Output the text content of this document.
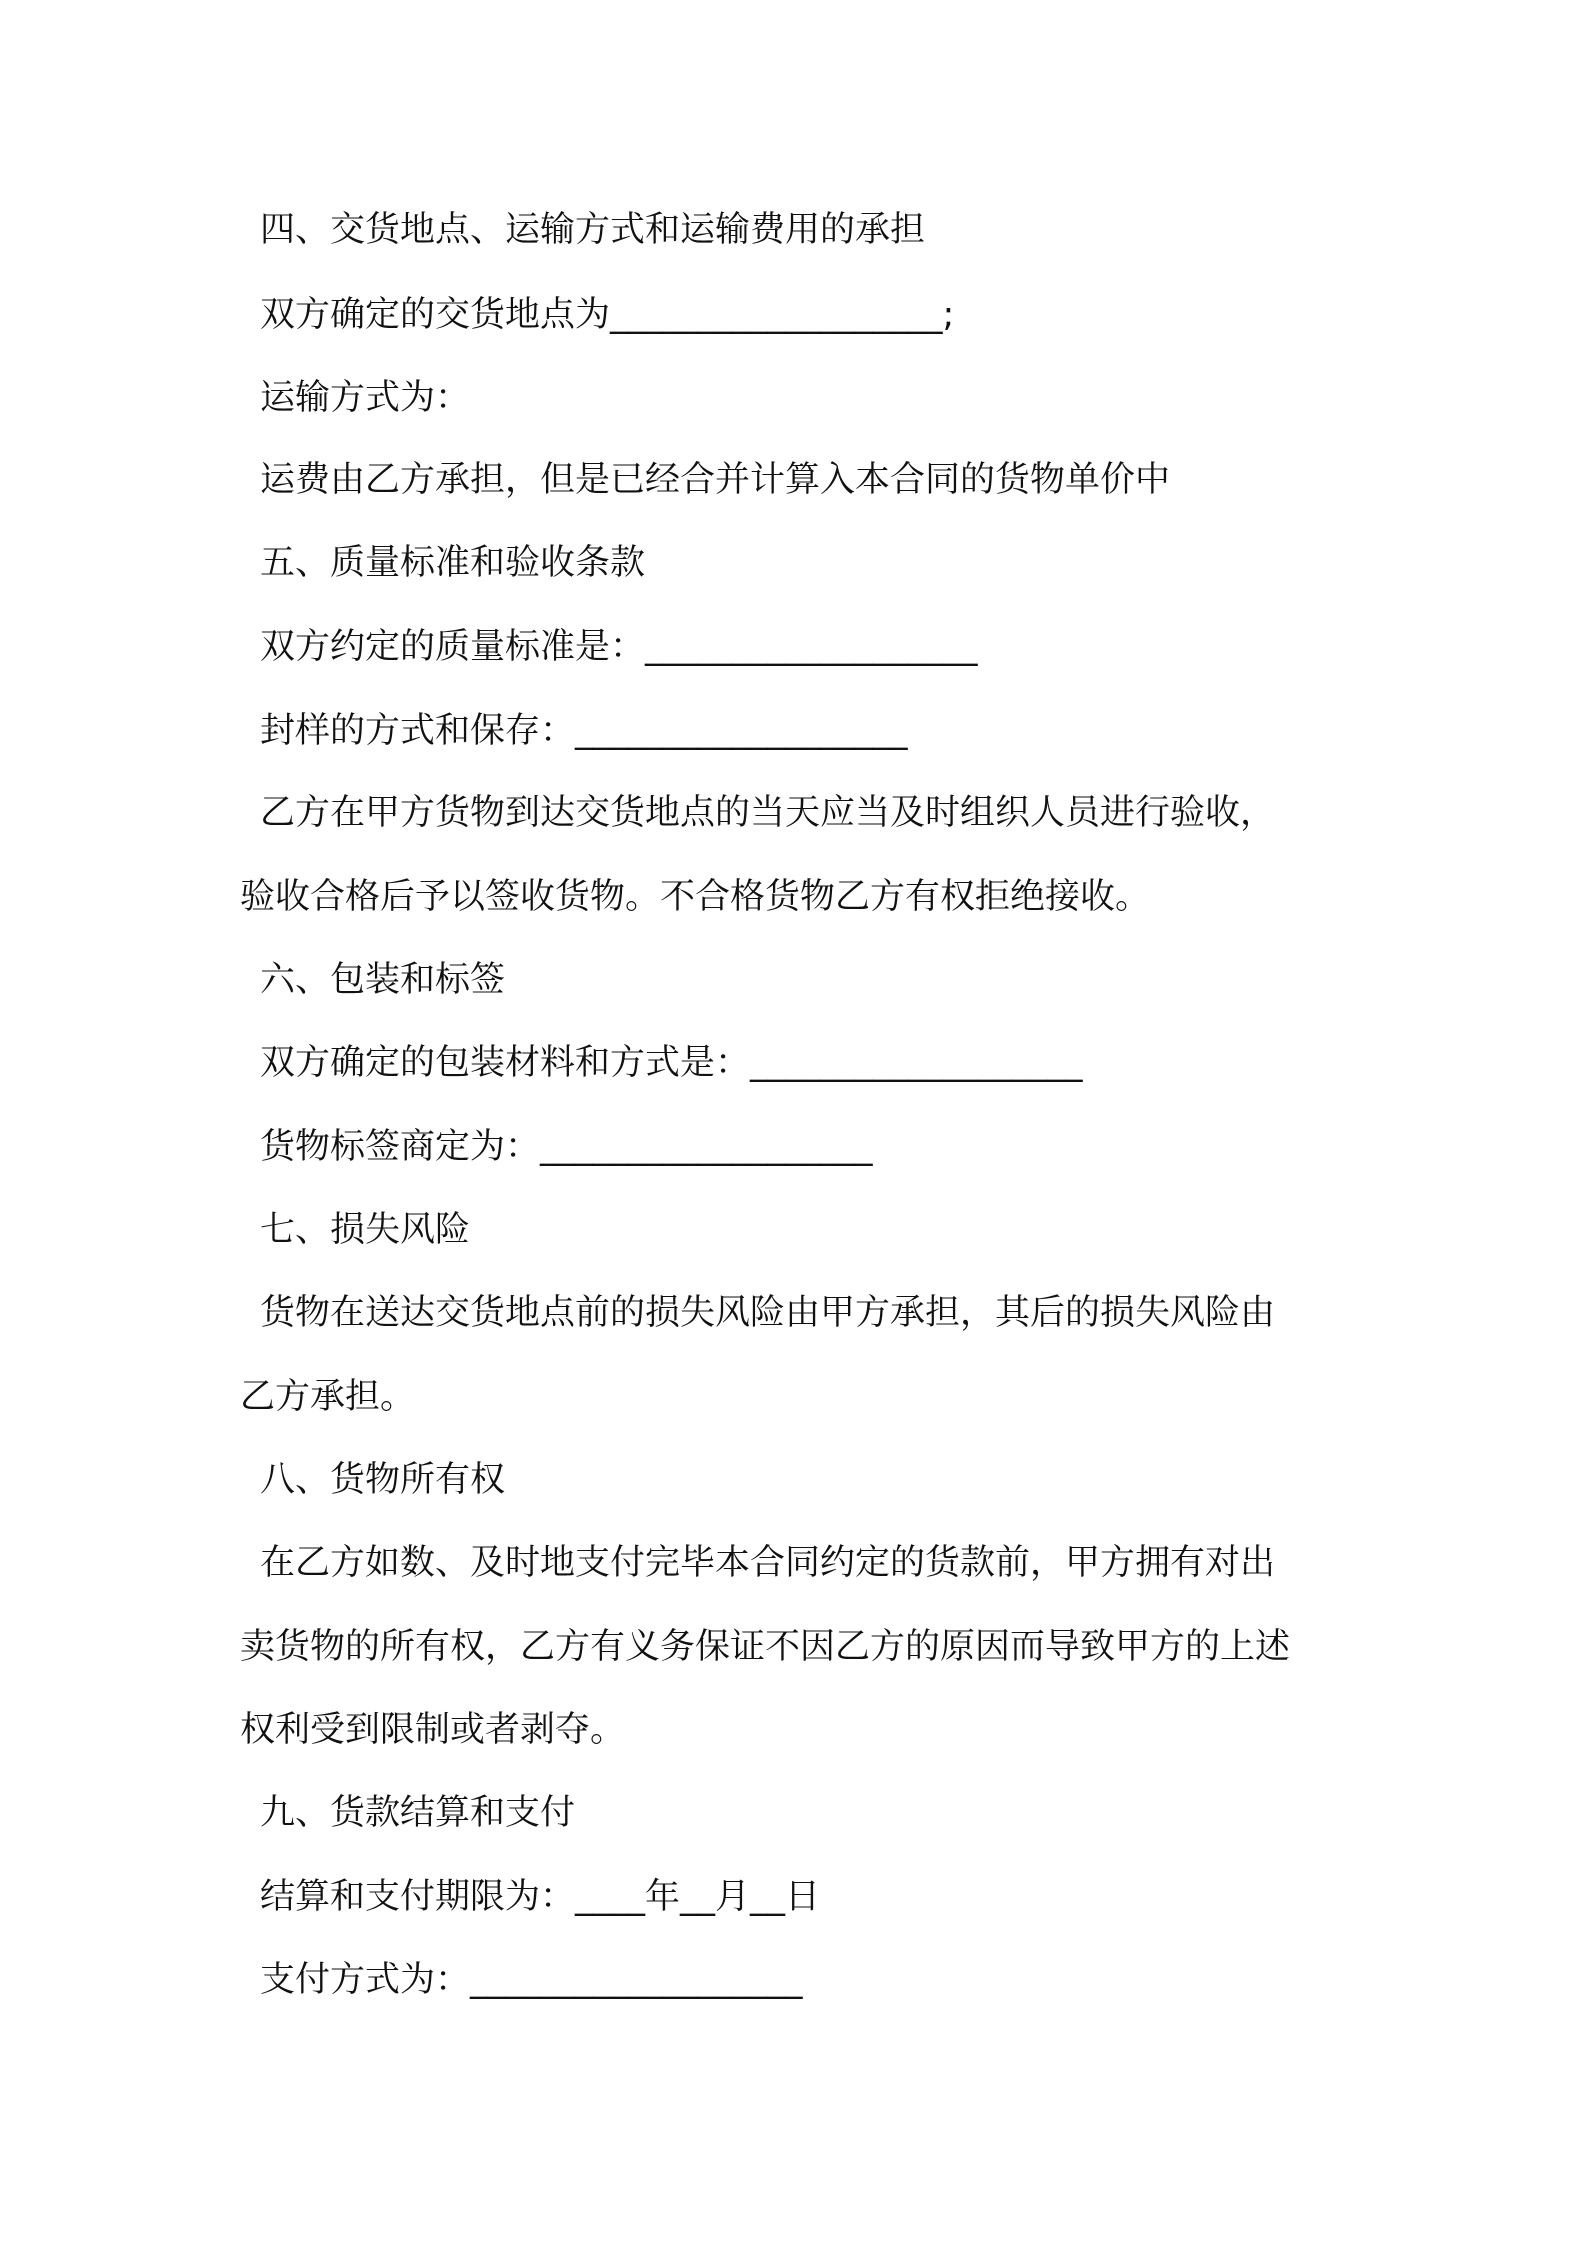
四、交货地点、运输方式和运输费用的承担

双方确定的交货地点为___________________;

运输方式为：

运费由乙方承担，但是已经合并计算入本合同的货物单价中

五、质量标准和验收条款

双方约定的质量标准是：___________________

封样的方式和保存：___________________

乙方在甲方货物到达交货地点的当天应当及时组织人员进行验收，

验收合格后予以签收货物。不合格货物乙方有权拒绝接收。

六、包装和标签

双方确定的包装材料和方式是：___________________

货物标签商定为：___________________

七、损失风险

货物在送达交货地点前的损失风险由甲方承担，其后的损失风险由

乙方承担。

八、货物所有权

在乙方如数、及时地支付完毕本合同约定的货款前，甲方拥有对出

卖货物的所有权，乙方有义务保证不因乙方的原因而导致甲方的上述

权利受到限制或者剥夺。

九、货款结算和支付

结算和支付期限为：____年__月__日

支付方式为：___________________
